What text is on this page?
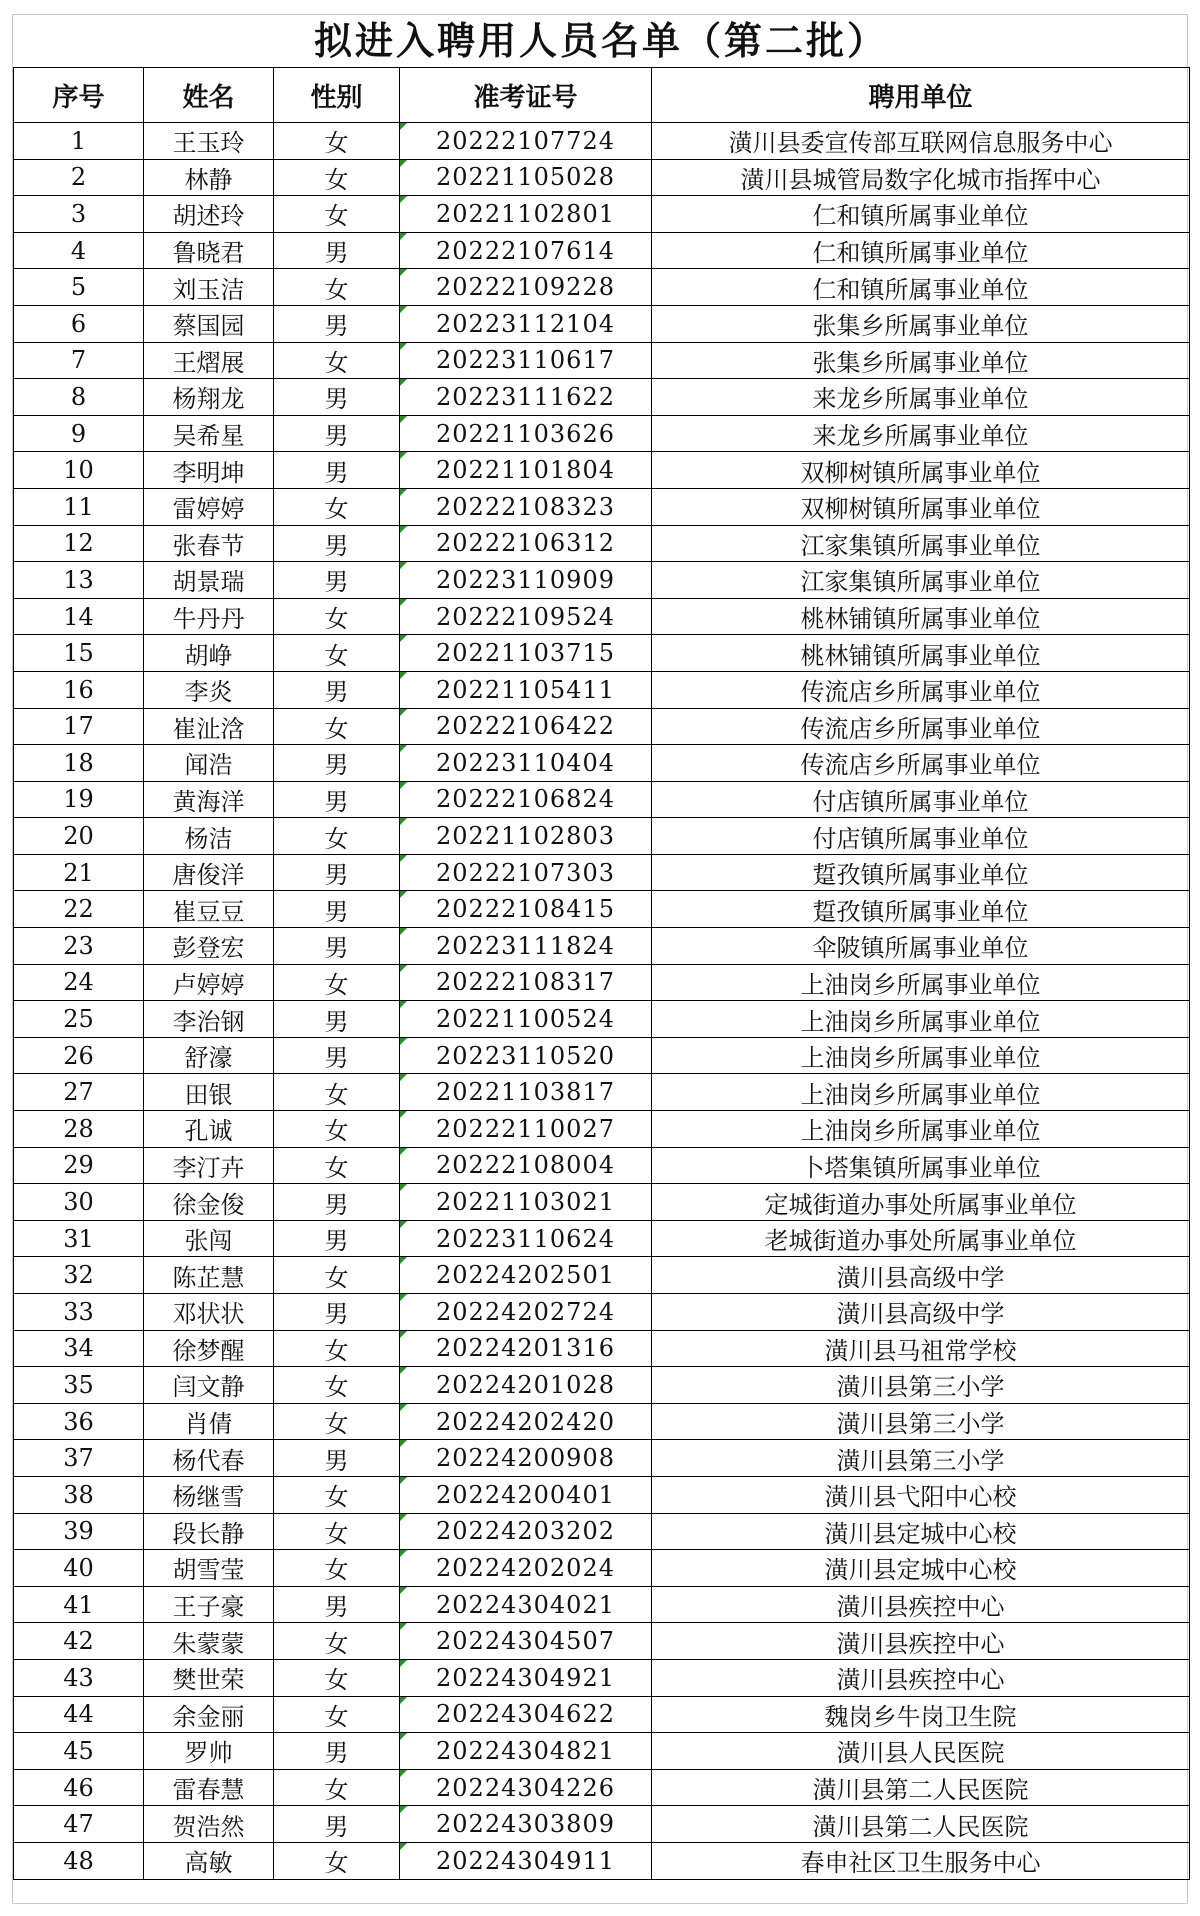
拟进入聘用人员名单（第二批）
序号	姓名	性别	准考证号	聘用单位
1	王玉玲	女	20222107724	潢川县委宣传部互联网信息服务中心
2	林静	女	20221105028	潢川县城管局数字化城市指挥中心
3	胡述玲	女	20221102801	仁和镇所属事业单位
4	鲁晓君	男	20222107614	仁和镇所属事业单位
5	刘玉洁	女	20222109228	仁和镇所属事业单位
6	蔡国园	男	20223112104	张集乡所属事业单位
7	王熠展	女	20223110617	张集乡所属事业单位
8	杨翔龙	男	20223111622	来龙乡所属事业单位
9	吴希星	男	20221103626	来龙乡所属事业单位
10	李明坤	男	20221101804	双柳树镇所属事业单位
11	雷婷婷	女	20222108323	双柳树镇所属事业单位
12	张春节	男	20222106312	江家集镇所属事业单位
13	胡景瑞	男	20223110909	江家集镇所属事业单位
14	牛丹丹	女	20222109524	桃林铺镇所属事业单位
15	胡峥	女	20221103715	桃林铺镇所属事业单位
16	李炎	男	20221105411	传流店乡所属事业单位
17	崔沚浛	女	20222106422	传流店乡所属事业单位
18	闻浩	男	20223110404	传流店乡所属事业单位
19	黄海洋	男	20222106824	付店镇所属事业单位
20	杨洁	女	20221102803	付店镇所属事业单位
21	唐俊洋	男	20222107303	踅孜镇所属事业单位
22	崔豆豆	男	20222108415	踅孜镇所属事业单位
23	彭登宏	男	20223111824	伞陂镇所属事业单位
24	卢婷婷	女	20222108317	上油岗乡所属事业单位
25	李治钢	男	20221100524	上油岗乡所属事业单位
26	舒濠	男	20223110520	上油岗乡所属事业单位
27	田银	女	20221103817	上油岗乡所属事业单位
28	孔诚	女	20222110027	上油岗乡所属事业单位
29	李汀卉	女	20222108004	卜塔集镇所属事业单位
30	徐金俊	男	20221103021	定城街道办事处所属事业单位
31	张闯	男	20223110624	老城街道办事处所属事业单位
32	陈芷慧	女	20224202501	潢川县高级中学
33	邓状状	男	20224202724	潢川县高级中学
34	徐梦醒	女	20224201316	潢川县马祖常学校
35	闫文静	女	20224201028	潢川县第三小学
36	肖倩	女	20224202420	潢川县第三小学
37	杨代春	男	20224200908	潢川县第三小学
38	杨继雪	女	20224200401	潢川县弋阳中心校
39	段长静	女	20224203202	潢川县定城中心校
40	胡雪莹	女	20224202024	潢川县定城中心校
41	王子豪	男	20224304021	潢川县疾控中心
42	朱蒙蒙	女	20224304507	潢川县疾控中心
43	樊世荣	女	20224304921	潢川县疾控中心
44	余金丽	女	20224304622	魏岗乡牛岗卫生院
45	罗帅	男	20224304821	潢川县人民医院
46	雷春慧	女	20224304226	潢川县第二人民医院
47	贺浩然	男	20224303809	潢川县第二人民医院
48	高敏	女	20224304911	春申社区卫生服务中心
